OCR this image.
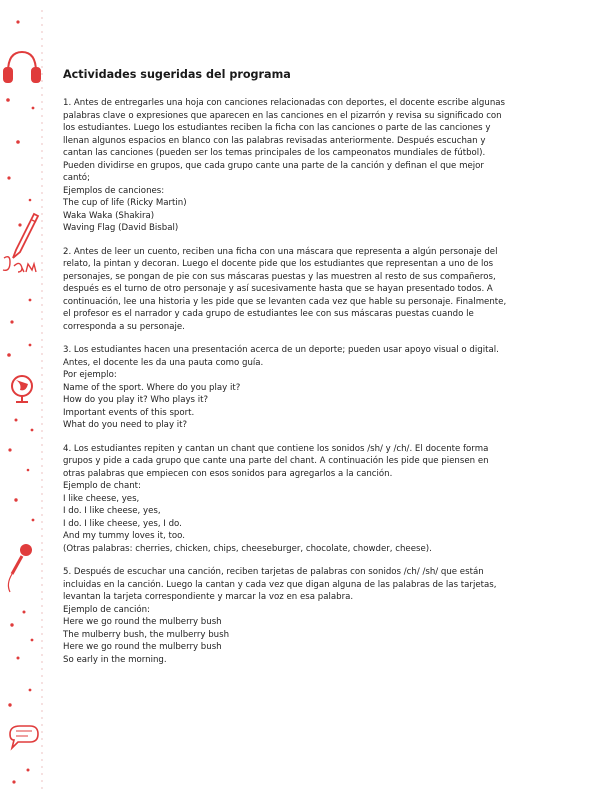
Actividades sugeridas del programa
1. Antes de entregarles una hoja con canciones relacionadas con deportes, el docente escribe algunas
palabras clave o expresiones que aparecen en las canciones en el pizarrón y revisa su significado con
los estudiantes. Luego los estudiantes reciben la ficha con las canciones o parte de las canciones y
llenan algunos espacios en blanco con las palabras revisadas anteriormente. Después escuchan y
cantan las canciones (pueden ser los temas principales de los campeonatos mundiales de fútbol).
Pueden dividirse en grupos, que cada grupo cante una parte de la canción y definan el que mejor
cantó;
Ejemplos de canciones:
The cup of life (Ricky Martin)
Waka Waka (Shakira)
Waving Flag (David Bisbal)
2. Antes de leer un cuento, reciben una ficha con una máscara que representa a algún personaje del
relato, la pintan y decoran. Luego el docente pide que los estudiantes que representan a uno de los
personajes, se pongan de pie con sus máscaras puestas y las muestren al resto de sus compañeros,
después es el turno de otro personaje y así sucesivamente hasta que se hayan presentado todos. A
continuación, lee una historia y les pide que se levanten cada vez que hable su personaje. Finalmente,
el profesor es el narrador y cada grupo de estudiantes lee con sus máscaras puestas cuando le
corresponda a su personaje.
3. Los estudiantes hacen una presentación acerca de un deporte; pueden usar apoyo visual o digital.
Antes, el docente les da una pauta como guía.
Por ejemplo:
Name of the sport. Where do you play it?
How do you play it? Who plays it?
Important events of this sport.
What do you need to play it?
4. Los estudiantes repiten y cantan un chant que contiene los sonidos /sh/ y /ch/. El docente forma
grupos y pide a cada grupo que cante una parte del chant. A continuación les pide que piensen en
otras palabras que empiecen con esos sonidos para agregarlos a la canción.
Ejemplo de chant:
I like cheese, yes,
I do. I like cheese, yes,
I do. I like cheese, yes, I do.
And my tummy loves it, too.
(Otras palabras: cherries, chicken, chips, cheeseburger, chocolate, chowder, cheese).
5. Después de escuchar una canción, reciben tarjetas de palabras con sonidos /ch/ /sh/ que están
incluidas en la canción. Luego la cantan y cada vez que digan alguna de las palabras de las tarjetas,
levantan la tarjeta correspondiente y marcar la voz en esa palabra.
Ejemplo de canción:
Here we go round the mulberry bush
The mulberry bush, the mulberry bush
Here we go round the mulberry bush
So early in the morning.
